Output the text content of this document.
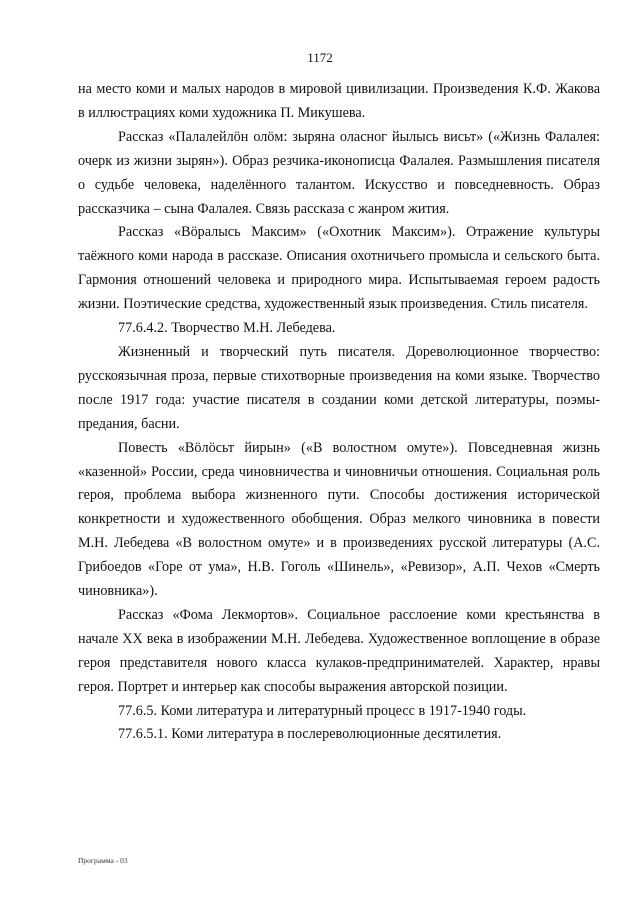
1172

на место коми и малых народов в мировой цивилизации. Произведения К.Ф. Жакова в иллюстрациях коми художника П. Микушева.

Рассказ «Палалейлöн олöм: зыряна оласног йылысь висьт» («Жизнь Фалалея: очерк из жизни зырян»). Образ резчика-иконописца Фалалея. Размышления писателя о судьбе человека, наделённого талантом. Искусство и повседневность. Образ рассказчика – сына Фалалея. Связь рассказа с жанром жития.

Рассказ «Вöралысь Максим» («Охотник Максим»). Отражение культуры таёжного коми народа в рассказе. Описания охотничьего промысла и сельского быта. Гармония отношений человека и природного мира. Испытываемая героем радость жизни. Поэтические средства, художественный язык произведения. Стиль писателя.

77.6.4.2. Творчество М.Н. Лебедева.

Жизненный и творческий путь писателя. Дореволюционное творчество: русскоязычная проза, первые стихотворные произведения на коми языке. Творчество после 1917 года: участие писателя в создании коми детской литературы, поэмы-предания, басни.

Повесть «Вöлöсьт йирын» («В волостном омуте»). Повседневная жизнь «казенной» России, среда чиновничества и чиновничьи отношения. Социальная роль героя, проблема выбора жизненного пути. Способы достижения исторической конкретности и художественного обобщения. Образ мелкого чиновника в повести М.Н. Лебедева «В волостном омуте» и в произведениях русской литературы (А.С. Грибоедов «Горе от ума», Н.В. Гоголь «Шинель», «Ревизор», А.П. Чехов «Смерть чиновника»).

Рассказ «Фома Лекмортов». Социальное расслоение коми крестьянства в начале XX века в изображении М.Н. Лебедева. Художественное воплощение в образе героя представителя нового класса кулаков-предпринимателей. Характер, нравы героя. Портрет и интерьер как способы выражения авторской позиции.

77.6.5. Коми литература и литературный процесс в 1917-1940 годы.

77.6.5.1. Коми литература в послереволюционные десятилетия.

Программа - 03
